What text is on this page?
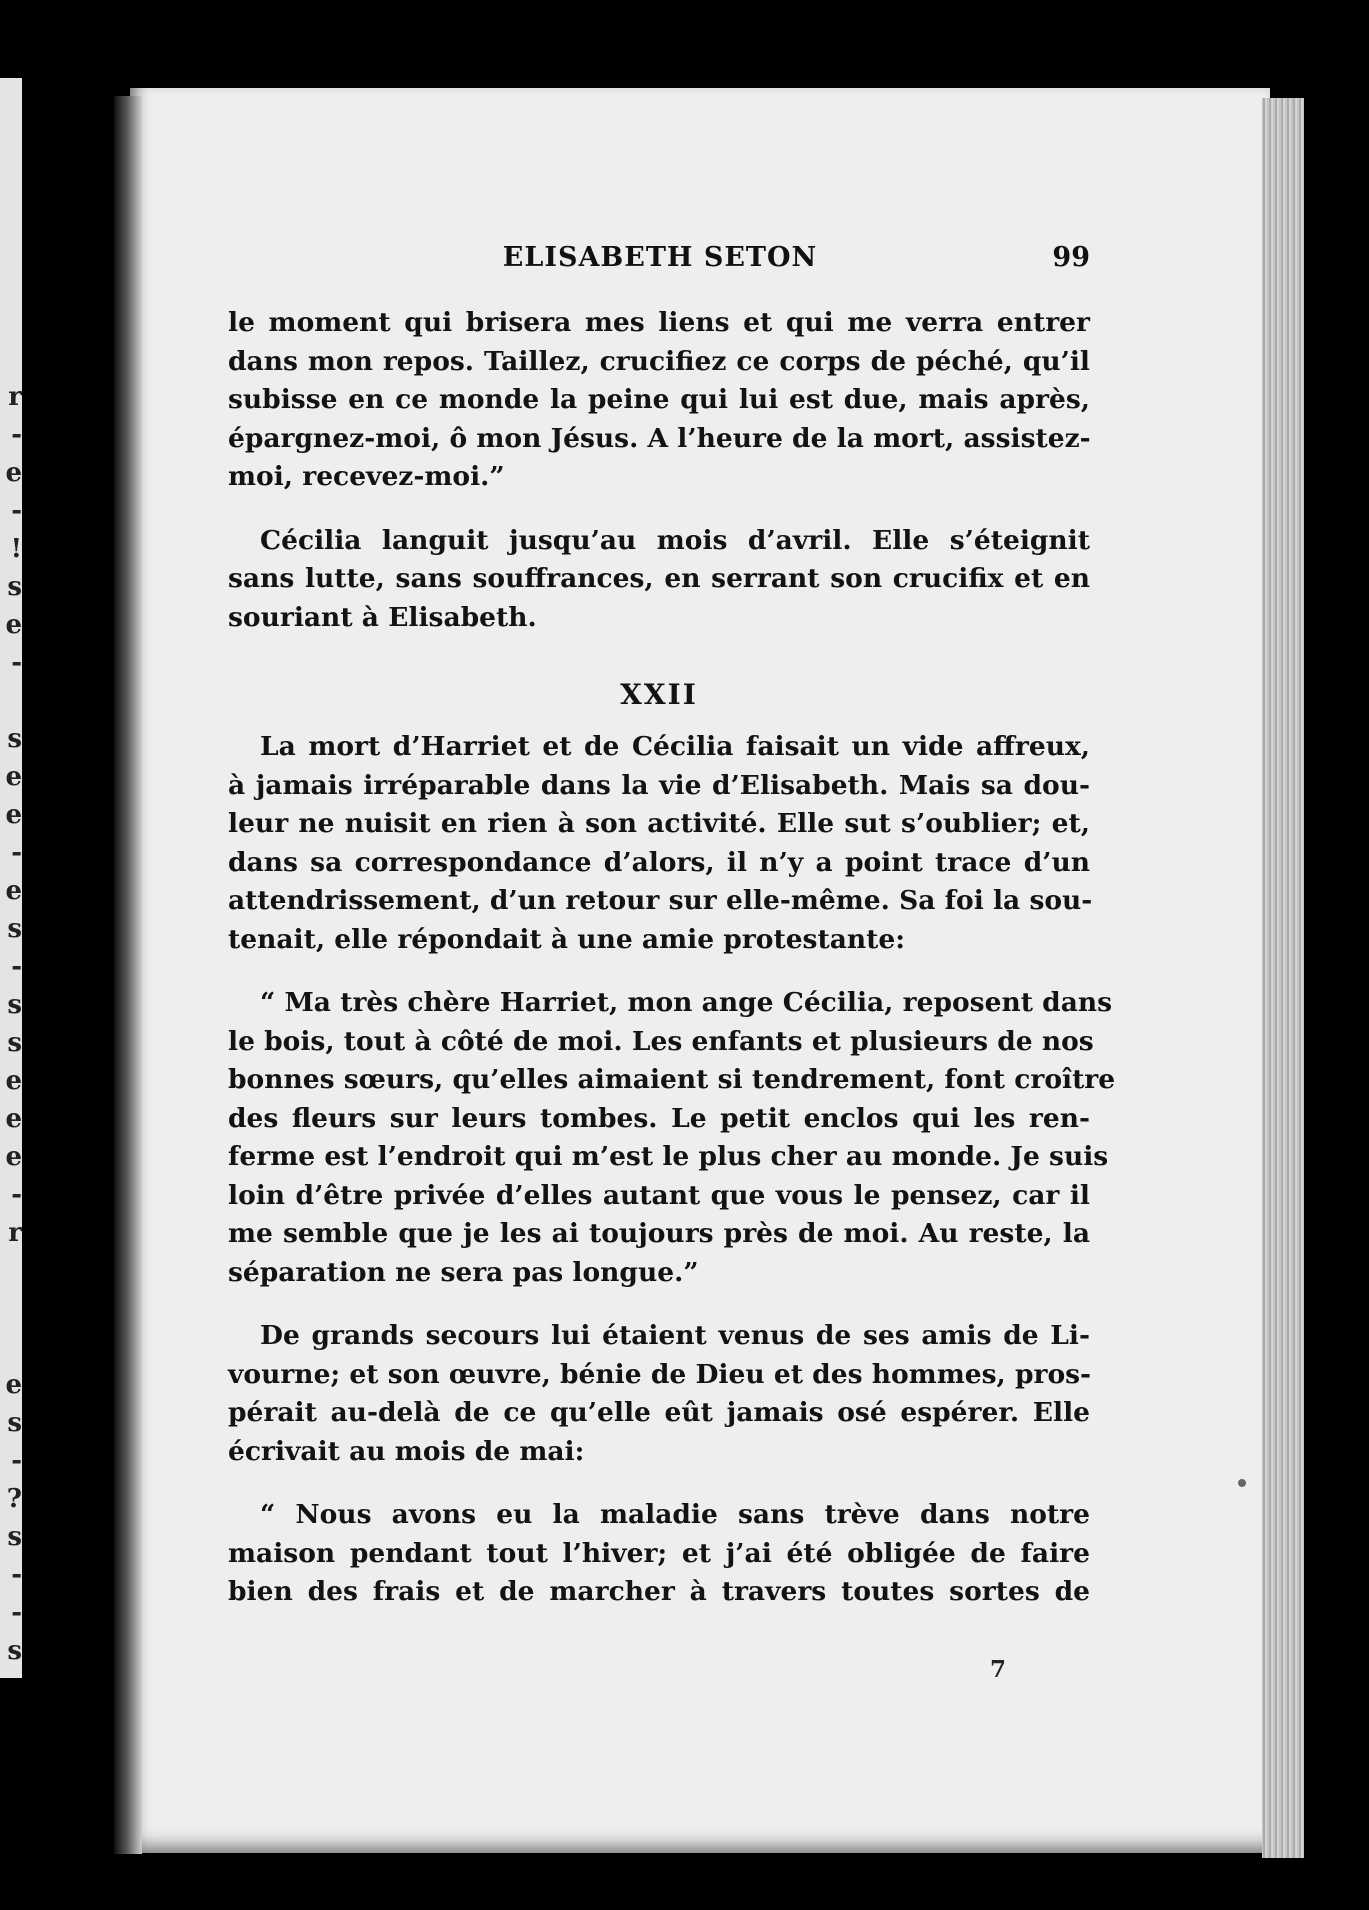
r
-
e
-
!
s
e
-
s
e
e
-
e
s
-
s
s
e
e
e
-
r
e
s
-
?
s
-
-
s
ELISABETH SETON	99
le moment qui brisera mes liens et qui me verra entrer
dans mon repos. Taillez, crucifiez ce corps de péché, qu’il
subisse en ce monde la peine qui lui est due, mais après,
épargnez-moi, ô mon Jésus. A l’heure de la mort, assistez-
moi, recevez-moi.”
Cécilia languit jusqu’au mois d’avril. Elle s’éteignit
sans lutte, sans souffrances, en serrant son crucifix et en
souriant à Elisabeth.
XXII
La mort d’Harriet et de Cécilia faisait un vide affreux,
à jamais irréparable dans la vie d’Elisabeth. Mais sa dou-
leur ne nuisit en rien à son activité. Elle sut s’oublier; et,
dans sa correspondance d’alors, il n’y a point trace d’un
attendrissement, d’un retour sur elle-même. Sa foi la sou-
tenait, elle répondait à une amie protestante:
“ Ma très chère Harriet, mon ange Cécilia, reposent dans
le bois, tout à côté de moi. Les enfants et plusieurs de nos
bonnes sœurs, qu’elles aimaient si tendrement, font croître
des fleurs sur leurs tombes. Le petit enclos qui les ren-
ferme est l’endroit qui m’est le plus cher au monde. Je suis
loin d’être privée d’elles autant que vous le pensez, car il
me semble que je les ai toujours près de moi. Au reste, la
séparation ne sera pas longue.”
De grands secours lui étaient venus de ses amis de Li-
vourne; et son œuvre, bénie de Dieu et des hommes, pros-
pérait au-delà de ce qu’elle eût jamais osé espérer. Elle
écrivait au mois de mai:
“ Nous avons eu la maladie sans trève dans notre
maison pendant tout l’hiver; et j’ai été obligée de faire
bien des frais et de marcher à travers toutes sortes de
7
